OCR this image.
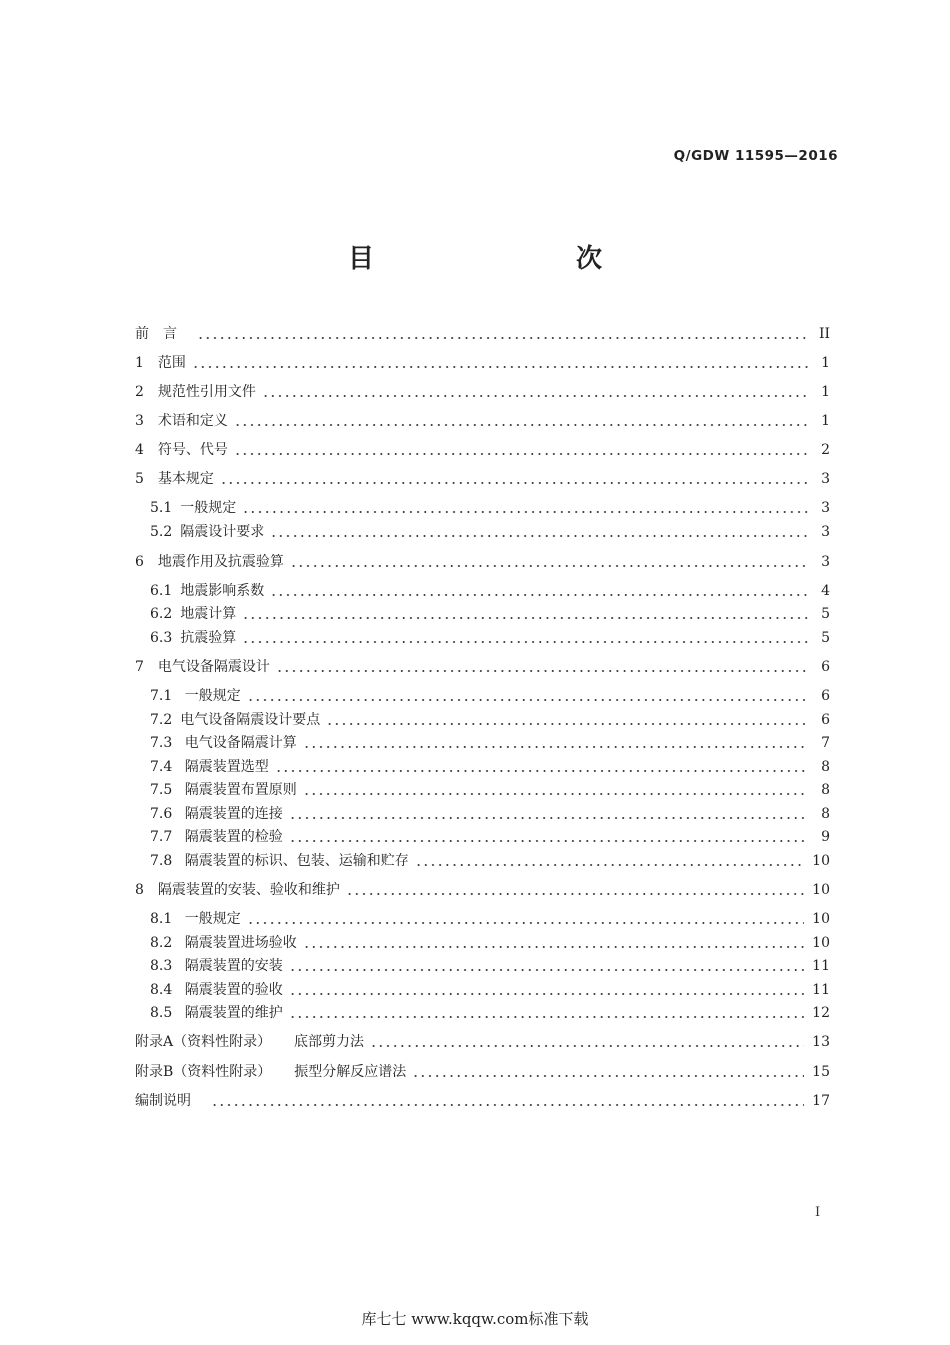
Q/GDW 11595—2016
目　　次
前　言	II
1 范围	1
2 规范性引用文件	1
3 术语和定义	1
4 符号、代号	2
5 基本规定	3
5.1 一般规定	3
5.2 隔震设计要求	3
6 地震作用及抗震验算	3
6.1 地震影响系数	4
6.2 地震计算	5
6.3 抗震验算	5
7 电气设备隔震设计	6
7.1 一般规定	6
7.2 电气设备隔震设计要点	6
7.3 电气设备隔震计算	7
7.4 隔震装置选型	8
7.5 隔震装置布置原则	8
7.6 隔震装置的连接	8
7.7 隔震装置的检验	9
7.8 隔震装置的标识、包装、运输和贮存	10
8 隔震装置的安装、验收和维护	10
8.1 一般规定	10
8.2 隔震装置进场验收	10
8.3 隔震装置的安装	11
8.4 隔震装置的验收	11
8.5 隔震装置的维护	12
附录A（资料性附录） 底部剪力法	13
附录B（资料性附录） 振型分解反应谱法	15
编制说明	17
I
库七七 www.kqqw.com标准下载
